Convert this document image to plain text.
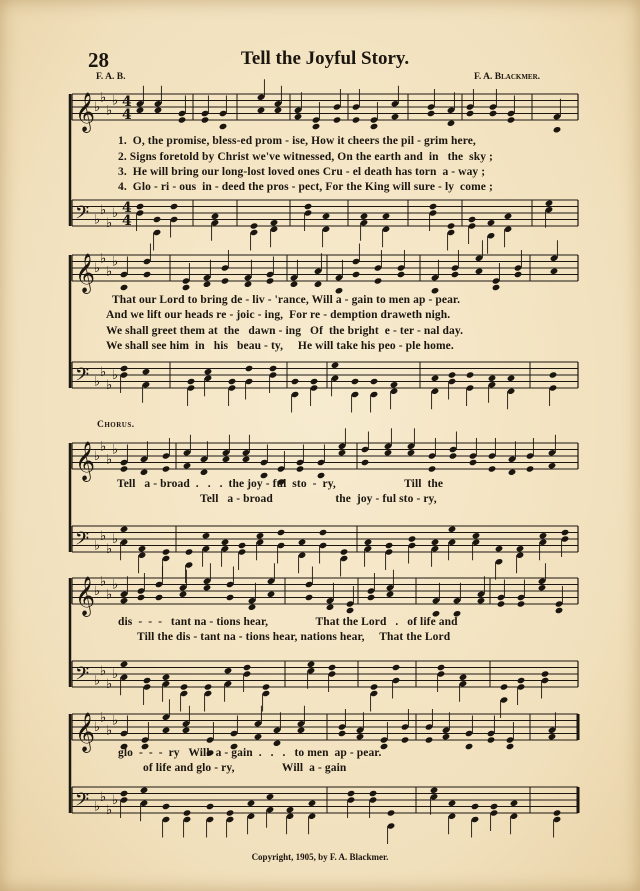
28	Tell the Joyful Story.
F. A. B.	F. A. Blackmer.
𝄞
♭
♭
♭
♭ 4
4
𝄢 ♭
♭
♭
♭ 4
4
𝄞
♭
♭
♭
♭
𝄢 ♭
♭
♭
♭
𝄞
♭
♭
♭
♭
𝄢 ♭
♭
♭
♭
𝄞
♭
♭
♭
♭
𝄢 ♭
♭
♭
♭
𝄞
♭
♭
♭
♭
𝄢 ♭
♭
♭
♭
1.  O, the promise, bless-ed prom - ise, How it cheers the pil - grim here,
2. Signs foretold by Christ we've witnessed, On the earth and  in   the  sky ;
3.  He will bring our long-lost loved ones Cru - el death has torn  a - way ;
4.  Glo - ri - ous  in - deed the pros - pect, For the King will sure - ly  come ;
That our Lord to bring de - liv - 'rance, Will a - gain to men ap - pear.
And we lift our heads re - joic - ing,  For re - demption draweth nigh.
We shall greet them at  the   dawn - ing   Of  the bright  e - ter - nal day.
We shall see him  in   his   beau - ty,     He will take his peo - ple home.
Chorus.
Tell   a - broad  .   .   .  the joy - ful  sto  -  ry,                       Till  the
Tell   a - broad                     the  joy - ful sto - ry,
dis  -  -  -   tant na - tions hear,                That the Lord   .   of life and
Till the dis - tant na - tions hear, nations hear,     That the Lord
glo  -  -  -  ry   Will  a - gain  .   .   .   to men  ap - pear.
of life and glo - ry,                Will  a - gain
Copyright, 1905, by F. A. Blackmer.
